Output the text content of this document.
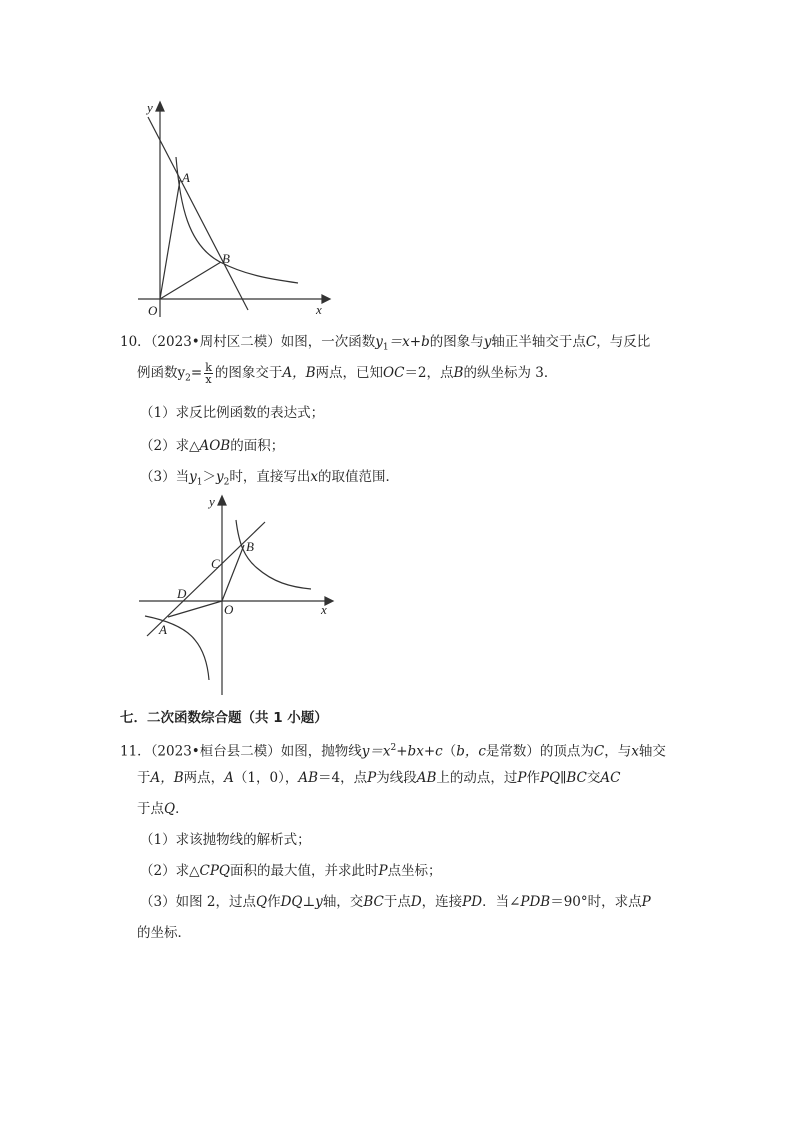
y
x
O
A
B
10．（2023•周村区二模）如图，一次函数$y_1=x+b$的图象与y轴正半轴交于点C，与反比
例函数$y_2= \frac{k}{x}$ 的图象交于A，B两点，已知OC＝2，点B的纵坐标为 3．
（1）求反比例函数的表达式；
（2）求△AOB的面积；
（3）当$y_1>y_2$时，直接写出x的取值范围．
y
x
O
A
B
C
D
七．二次函数综合题（共 1 小题）
11．（2023•桓台县二模）如图，抛物线$y=x^2+bx+c(b$，c是常数）的顶点为C，与x轴交
于A，B两点，A（1，0），AB＝4，点P为线段AB上的动点，过P作PQ∥BC交AC
于点Q．
（1）求该抛物线的解析式；
（2）求△CPQ面积的最大值，并求此时P点坐标；
（3）如图 2，过点Q作DQ⊥y轴，交BC于点D，连接PD．当∠PDB＝90°时，求点P
的坐标．
